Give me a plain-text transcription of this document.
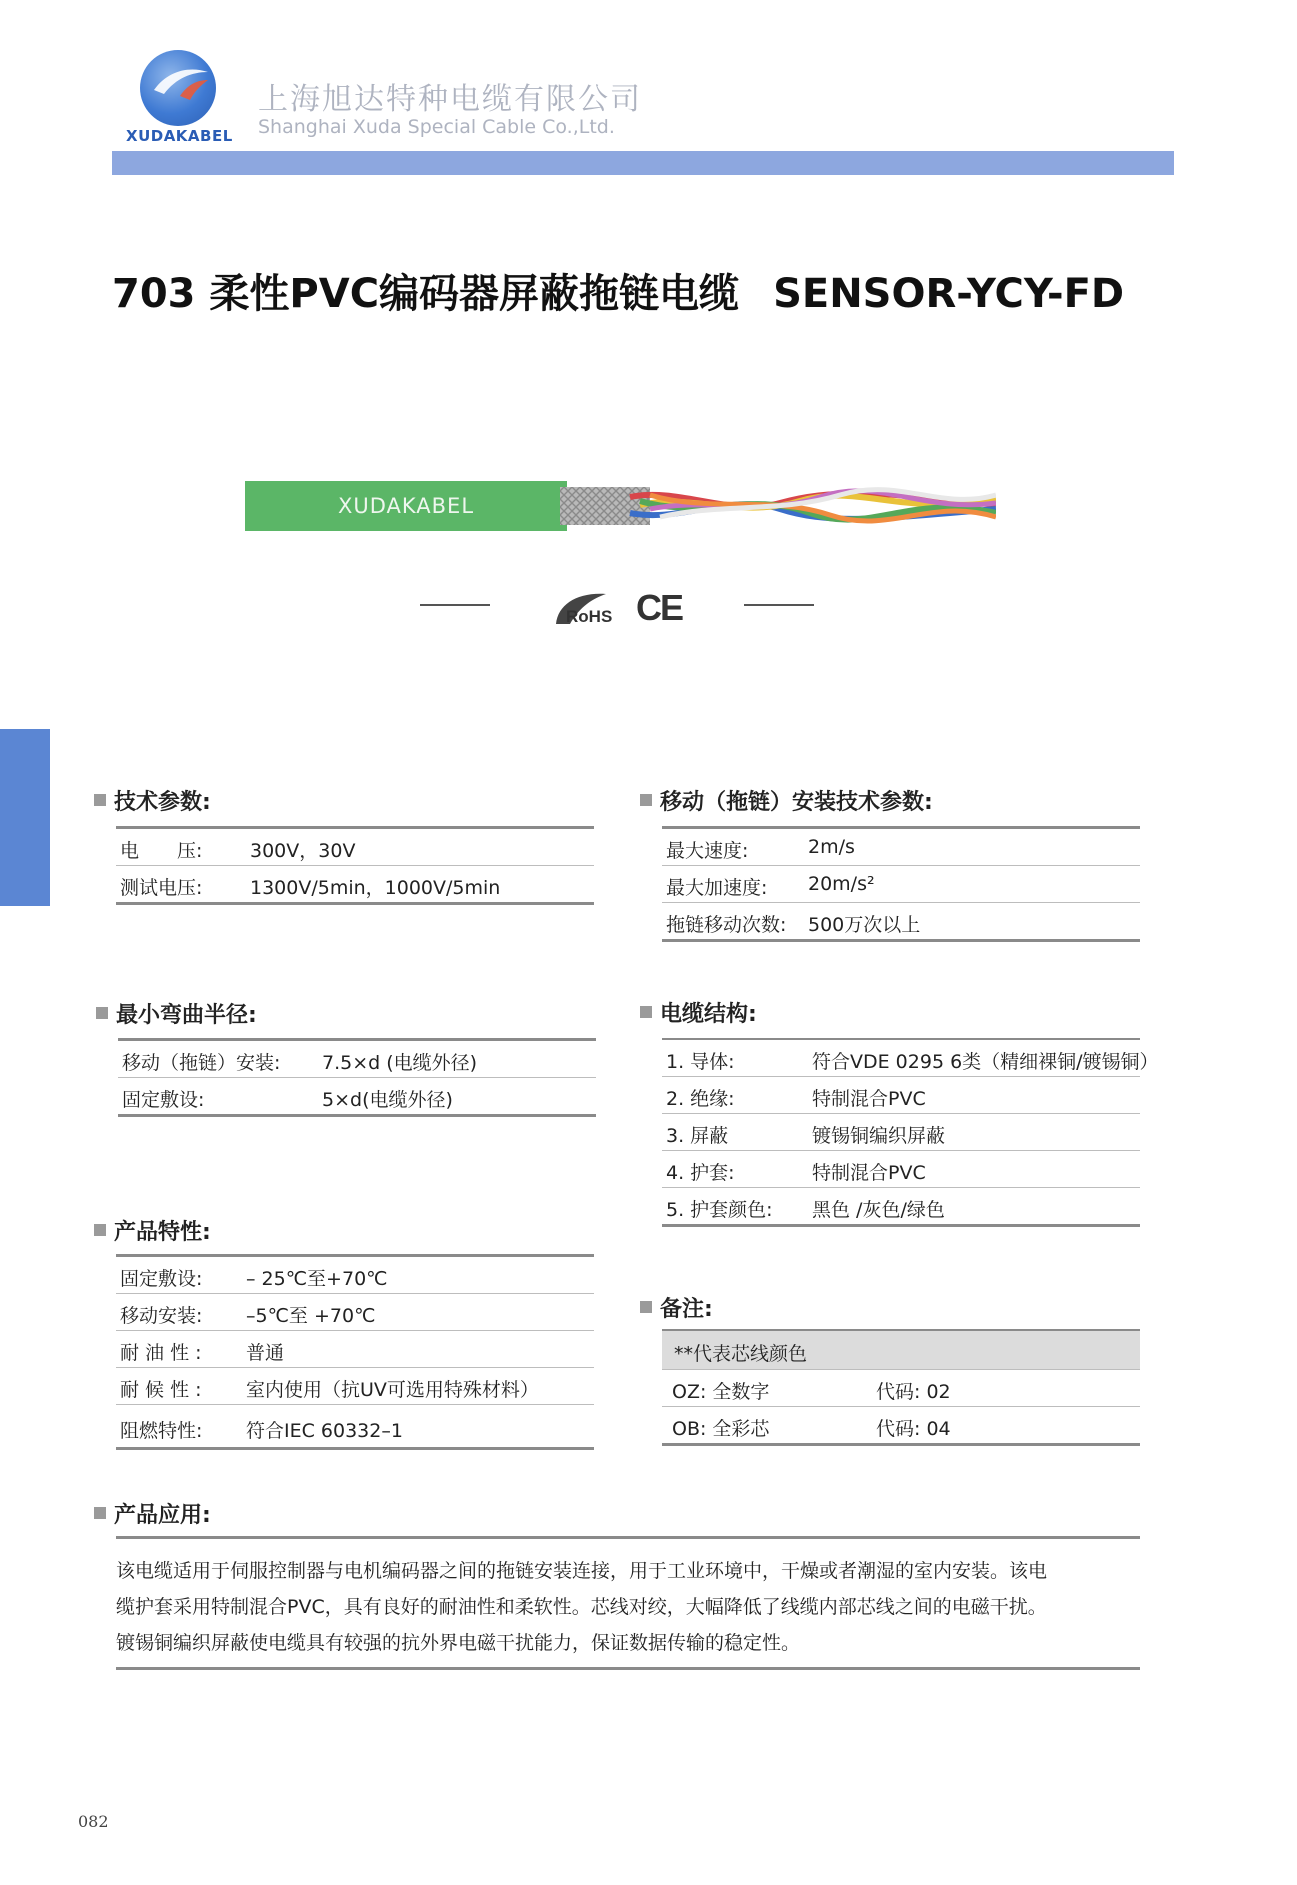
XUDAKABEL
上海旭达特种电缆有限公司
Shanghai Xuda Special Cable Co.,Ltd.
703 柔性PVC编码器屏蔽拖链电缆 SENSOR-YCY-FD
XUDAKABEL
RoHS CE
技术参数:
电　　压:	300V，30V
测试电压:	1300V/5min，1000V/5min
移动（拖链）安装技术参数:
最大速度:	2m/s
最大加速度: 20m/s²
拖链移动次数: 500万次以上
最小弯曲半径:
移动（拖链）安装: 7.5×d (电缆外径)
固定敷设:	5×d(电缆外径)
电缆结构:
1. 导体:	符合VDE 0295 6类（精细裸铜/镀锡铜）
2. 绝缘:	特制混合PVC
3. 屏蔽	镀锡铜编织屏蔽
4. 护套:	特制混合PVC
5. 护套颜色: 黑色 /灰色/绿色
产品特性:
固定敷设: – 25℃至+70℃
移动安装: –5℃至 +70℃
耐 油 性 : 普通
耐 候 性 : 室内使用（抗UV可选用特殊材料）
阻燃特性: 符合IEC 60332–1
备注:
**代表芯线颜色
OZ: 全数字	代码: 02
OB: 全彩芯	代码: 04
产品应用:
该电缆适用于伺服控制器与电机编码器之间的拖链安装连接，用于工业环境中，干燥或者潮湿的室内安装。该电
缆护套采用特制混合PVC，具有良好的耐油性和柔软性。芯线对绞，大幅降低了线缆内部芯线之间的电磁干扰。
镀锡铜编织屏蔽使电缆具有较强的抗外界电磁干扰能力，保证数据传输的稳定性。
082
